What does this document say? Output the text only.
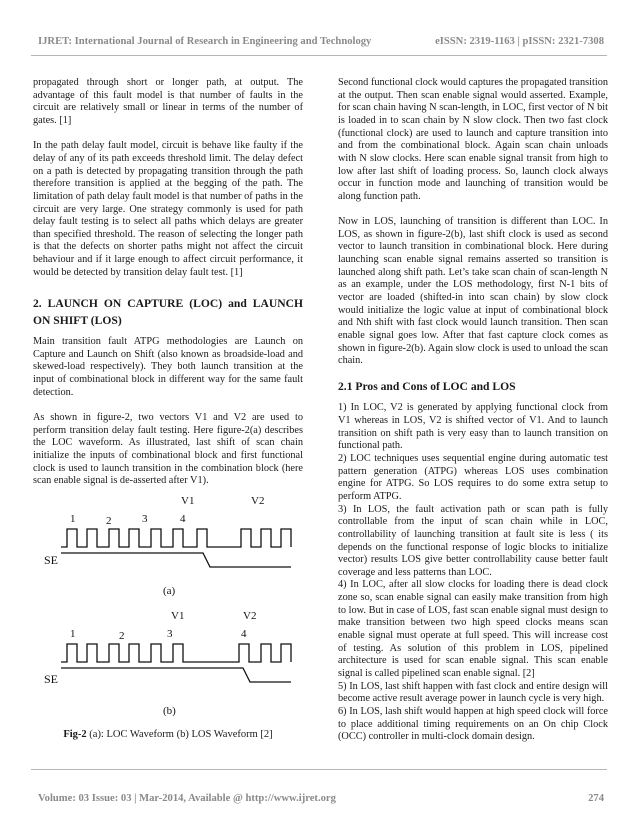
IJRET: International Journal of Research in Engineering and Technology	eISSN: 2319-1163 | pISSN: 2321-7308

propagated through short or longer path, at output. The advantage of this fault model is that number of faults in the circuit are relatively small or linear in terms of the number of gates. [1]

In the path delay fault model, circuit is behave like faulty if the delay of any of its path exceeds threshold limit. The delay defect on a path is detected by propagating transition through the path therefore transition is applied at the begging of the path. The limitation of path delay fault model is that number of paths in the circuit are very large. One strategy commonly is used for path delay fault testing is to select all paths which delays are greater than specified threshold. The reason of selecting the longer path is that the defects on shorter paths might not affect the circuit behaviour and if it large enough to affect circuit performance, it would be detected by transition delay fault test. [1]

2. LAUNCH ON CAPTURE (LOC) and LAUNCH
ON SHIFT (LOS)

Main transition fault ATPG methodologies are Launch on Capture and Launch on Shift (also known as broadside-load and skewed-load respectively). They both launch transition at the input of combinational block in different way for the same fault detection.

As shown in figure-2, two vectors V1 and V2 are used to perform transition delay fault testing. Here figure-2(a) describes the LOC waveform. As illustrated, last shift of scan chain initialize the inputs of combinational block and first functional clock is used to launch transition in the combination block (here scan enable signal is de-asserted after V1).

1	2	3	4
V1	V2
SE
(a)
1	2	3	4
V1	V2
SE
(b)
Fig-2 (a): LOC Waveform (b) LOS Waveform [2]

Second functional clock would captures the propagated transition at the output. Then scan enable signal would asserted. Example, for scan chain having N scan-length, in LOC, first vector of N bit is loaded in to scan chain by N slow clock. Then two fast clock (functional clock) are used to launch and capture transition into and from the combinational block. Again scan chain unloads with N slow clocks. Here scan enable signal transit from high to low after last shift of loading process. So, launch clock always occur in function mode and launching of transition would be along function path.

Now in LOS, launching of transition is different than LOC. In LOS, as shown in figure-2(b), last shift clock is used as second vector to launch transition in combinational block. Here during launching scan enable signal remains asserted so transition is launched along shift path. Let’s take scan chain of scan-length N as an example, under the LOS methodology, first N-1 bits of vector are loaded (shifted-in into scan chain) by slow clock would initialize the logic value at input of combinational block and Nth shift with fast clock would launch transition. Then scan enable signal goes low. After that fast capture clock comes as shown in figure-2(b). Again slow clock is used to unload the scan chain.

2.1 Pros and Cons of LOC and LOS

1) In LOC, V2 is generated by applying functional clock from V1 whereas in LOS, V2 is shifted vector of V1. And to launch transition on shift path is very easy than to launch transition on functional path.

2) LOC techniques uses sequential engine during automatic test pattern generation (ATPG) whereas LOS uses combination engine for ATPG. So LOS requires to do some extra setup to perform ATPG.

3) In LOS, the fault activation path or scan path is fully controllable from the input of scan chain while in LOC, controllability of launching transition at fault site is less ( its depends on the functional response of logic blocks to initialize vector) results LOS give better controllability cause better fault coverage and less patterns than LOC.

4) In LOC, after all slow clocks for loading there is dead clock zone so, scan enable signal can easily make transition from high to low. But in case of LOS, fast scan enable signal must design to make transition between two high speed clocks means scan enable signal must operate at full speed. This will increase cost of testing. As solution of this problem in LOS, pipelined architecture is used for scan enable signal. This scan enable signal is called pipelined scan enable signal. [2]

5) In LOS, last shift happen with fast clock and entire design will become active result average power in launch cycle is very high.

6) In LOS, lash shift would happen at high speed clock will force to place additional timing requirements on an On chip Clock (OCC) controller in multi-clock domain design.

Volume: 03 Issue: 03 | Mar-2014, Available @ http://www.ijret.org	274
